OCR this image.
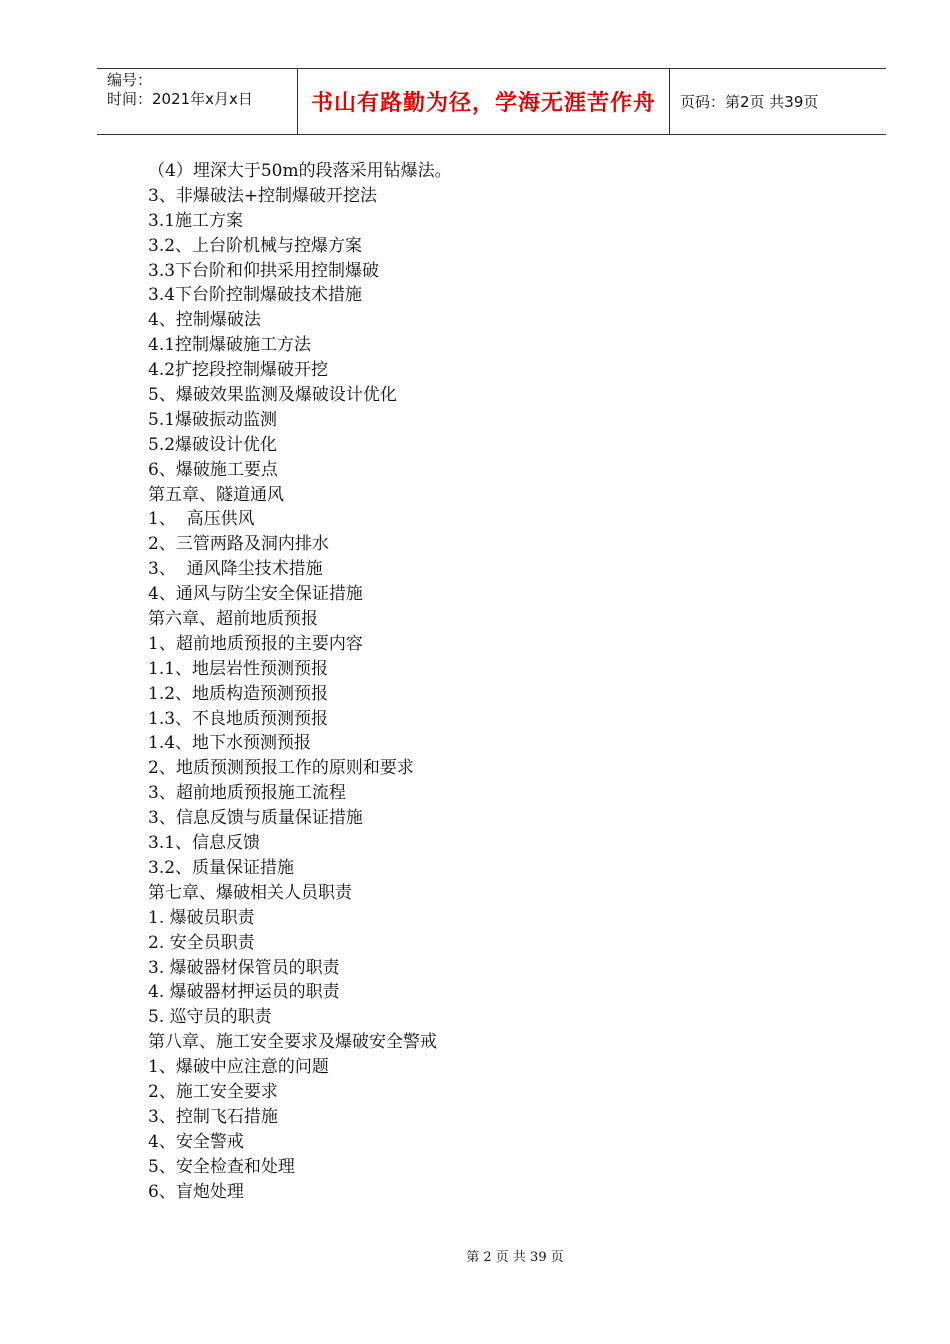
编号：
时间：2021年x月x日	书山有路勤为径，学海无涯苦作舟	页码：第2页 共39页
（4）埋深大于50m的段落采用钻爆法。
3、非爆破法+控制爆破开挖法
3.1施工方案
3.2、上台阶机械与控爆方案
3.3下台阶和仰拱采用控制爆破
3.4下台阶控制爆破技术措施
4、控制爆破法
4.1控制爆破施工方法
4.2扩挖段控制爆破开挖
5、爆破效果监测及爆破设计优化
5.1爆破振动监测
5.2爆破设计优化
6、爆破施工要点
第五章、隧道通风
1、  高压供风
2、三管两路及洞内排水
3、  通风降尘技术措施
4、通风与防尘安全保证措施
第六章、超前地质预报
1、超前地质预报的主要内容
1.1、地层岩性预测预报
1.2、地质构造预测预报
1.3、不良地质预测预报
1.4、地下水预测预报
2、地质预测预报工作的原则和要求
3、超前地质预报施工流程
3、信息反馈与质量保证措施
3.1、信息反馈
3.2、质量保证措施
第七章、爆破相关人员职责
1. 爆破员职责
2. 安全员职责
3. 爆破器材保管员的职责
4. 爆破器材押运员的职责
5. 巡守员的职责
第八章、施工安全要求及爆破安全警戒
1、爆破中应注意的问题
2、施工安全要求
3、控制飞石措施
4、安全警戒
5、安全检查和处理
6、盲炮处理
第 2 页 共 39 页
